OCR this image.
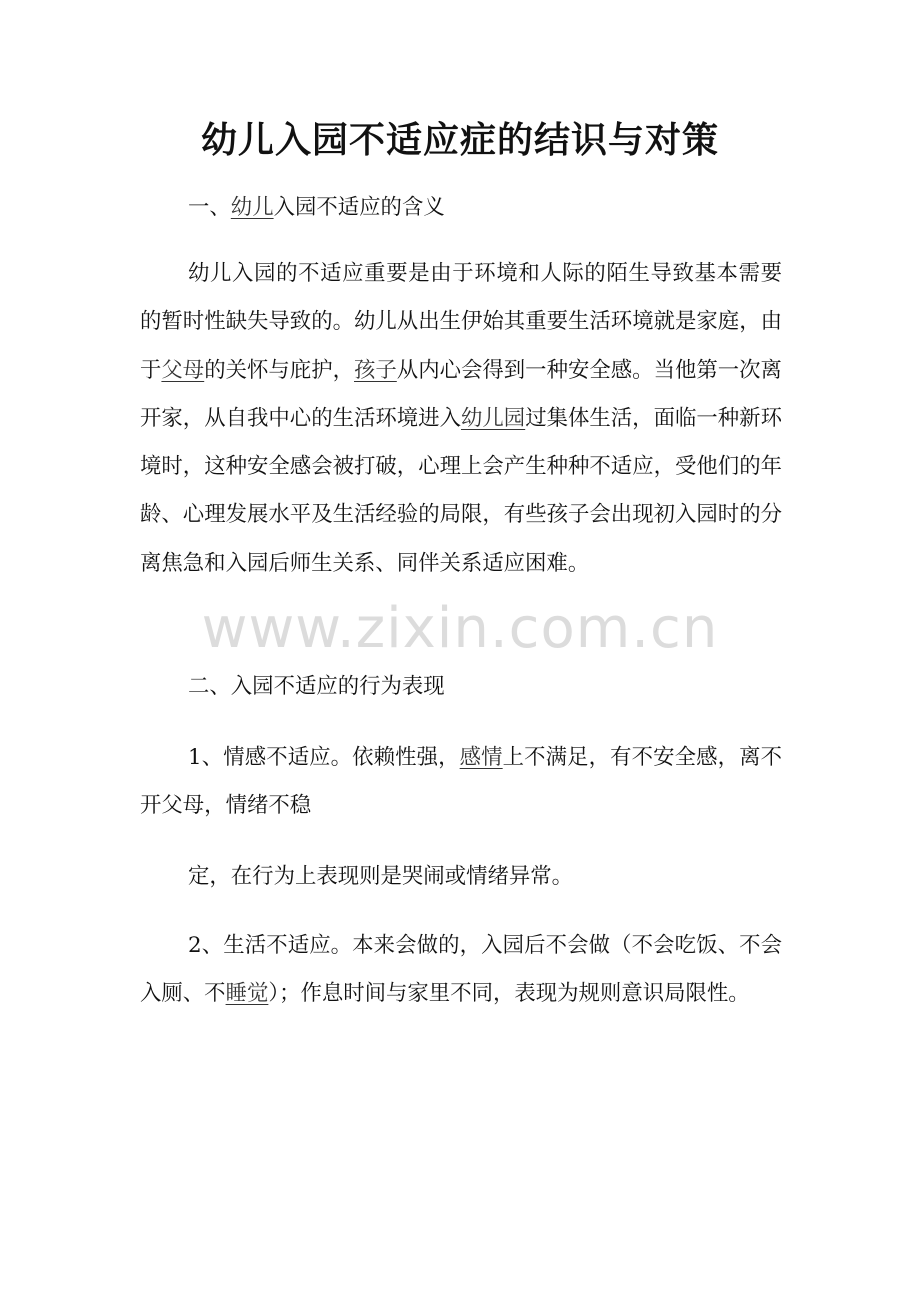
幼儿入园不适应症的结识与对策

一、幼儿入园不适应的含义

幼儿入园的不适应重要是由于环境和人际的陌生导致基本需要的暂时性缺失导致的。幼儿从出生伊始其重要生活环境就是家庭，由于父母的关怀与庇护，孩子从内心会得到一种安全感。当他第一次离开家，从自我中心的生活环境进入幼儿园过集体生活，面临一种新环境时，这种安全感会被打破，心理上会产生种种不适应，受他们的年龄、心理发展水平及生活经验的局限，有些孩子会出现初入园时的分离焦急和入园后师生关系、同伴关系适应困难。

www.zixin.com.cn

二、入园不适应的行为表现

1、情感不适应。依赖性强，感情上不满足，有不安全感，离不开父母，情绪不稳

定，在行为上表现则是哭闹或情绪异常。

2、生活不适应。本来会做的，入园后不会做（不会吃饭、不会入厕、不睡觉）；作息时间与家里不同，表现为规则意识局限性。
